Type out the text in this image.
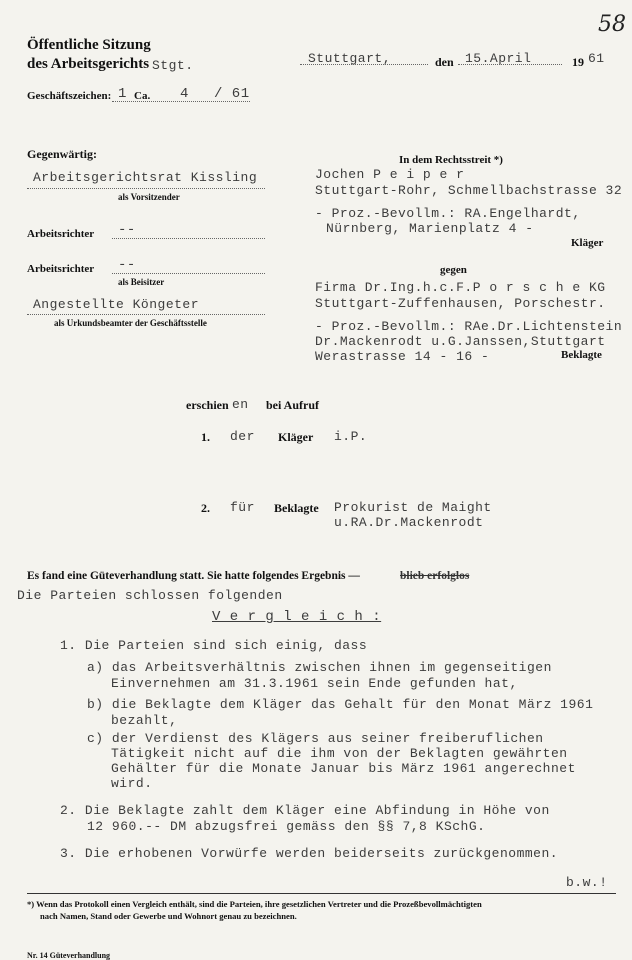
58
Öffentliche Sitzung
des Arbeitsgerichts Stgt.	Stuttgart,	den 15.April	19 61
Geschäftszeichen: 1 Ca. 4 / 61
Gegenwärtig:
Arbeitsgerichtsrat Kissling
als Vorsitzender
Arbeitsrichter --
Arbeitsrichter --
als Beisitzer
Angestellte Köngeter
als Urkundsbeamter der Geschäftsstelle
In dem Rechtsstreit *)
Jochen P e i p e r
Stuttgart-Rohr, Schmellbachstrasse 32
- Proz.-Bevollm.: RA.Engelhardt,
Nürnberg, Marienplatz 4 -
Kläger
gegen
Firma Dr.Ing.h.c.F.P o r s c h e KG
Stuttgart-Zuffenhausen, Porschestr.
- Proz.-Bevollm.: RAe.Dr.Lichtenstein
Dr.Mackenrodt u.G.Janssen,Stuttgart
Werastrasse 14 - 16 -	Beklagte
erschien en bei Aufruf
1. der Kläger i.P.
2. für Beklagte Prokurist de Maight
u.RA.Dr.Mackenrodt
Es fand eine Güteverhandlung statt. Sie hatte folgendes Ergebnis —	blieb erfolglos
Die Parteien schlossen folgenden
V e r g l e i c h :
1. Die Parteien sind sich einig, dass
a) das Arbeitsverhältnis zwischen ihnen im gegenseitigen
Einvernehmen am 31.3.1961 sein Ende gefunden hat,
b) die Beklagte dem Kläger das Gehalt für den Monat März 1961
bezahlt,
c) der Verdienst des Klägers aus seiner freiberuflichen
Tätigkeit nicht auf die ihm von der Beklagten gewährten
Gehälter für die Monate Januar bis März 1961 angerechnet
wird.
2. Die Beklagte zahlt dem Kläger eine Abfindung in Höhe von
12 960.-- DM abzugsfrei gemäss den §§ 7,8 KSchG.
3. Die erhobenen Vorwürfe werden beiderseits zurückgenommen.
b.w.!
*) Wenn das Protokoll einen Vergleich enthält, sind die Parteien, ihre gesetzlichen Vertreter und die Prozeßbevollmächtigten
nach Namen, Stand oder Gewerbe und Wohnort genau zu bezeichnen.
Nr. 14 Güteverhandlung
